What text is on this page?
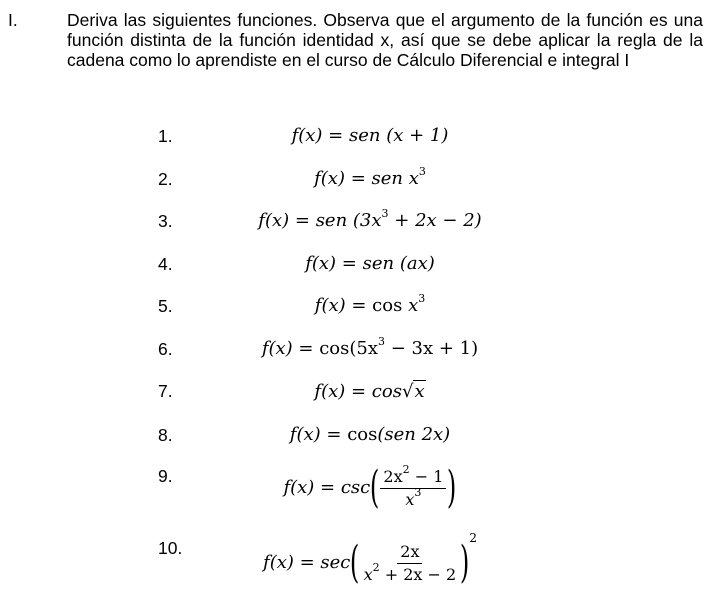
I.	Deriva las siguientes funciones. Observa que el argumento de la función es una función distinta de la función identidad x, así que se debe aplicar la regla de la cadena como lo aprendiste en el curso de Cálculo Diferencial e integral I
1.	f(x) = sen (x + 1)
2.	f(x) = sen $x^3$
3.	f(x) = sen $(3x^3 + 2x - 2)$
4.	f(x) = sen (ax)
5.	$f(x) = \cos x^3$
6.	$f(x) = \cos(5x^3 - 3x + 1)$
7.	f(x) = cos √ x
8.	f(x) = cos(sen 2x)
9.
$f(x) = \csc( \frac{2x^2 - 1}{x^3}$ )
10.
$f(x) = \sec( \frac{2x}{x^2 + 2x - 2} )^2$
